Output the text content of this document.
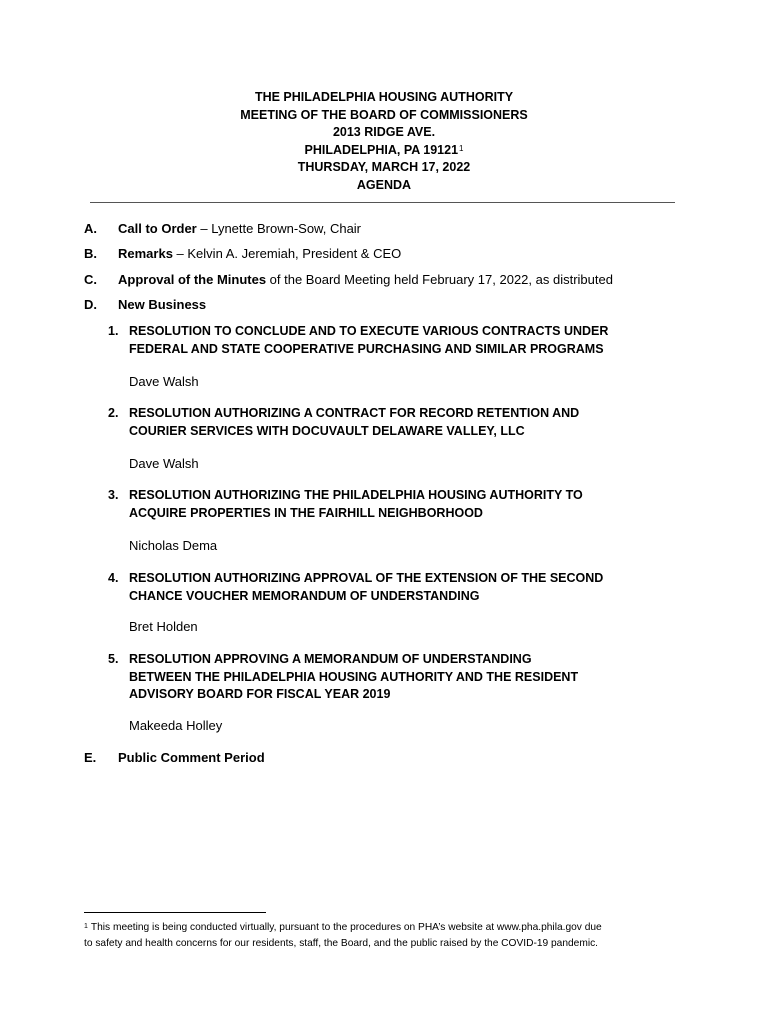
THE PHILADELPHIA HOUSING AUTHORITY
MEETING OF THE BOARD OF COMMISSIONERS
2013 RIDGE AVE.
PHILADELPHIA, PA 19121$^1$
THURSDAY, MARCH 17, 2022
AGENDA
A. Call to Order – Lynette Brown-Sow, Chair
B. Remarks – Kelvin A. Jeremiah, President & CEO
C. Approval of the Minutes of the Board Meeting held February 17, 2022, as distributed
D. New Business
1. RESOLUTION TO CONCLUDE AND TO EXECUTE VARIOUS CONTRACTS UNDER
FEDERAL AND STATE COOPERATIVE PURCHASING AND SIMILAR PROGRAMS
Dave Walsh
2. RESOLUTION AUTHORIZING A CONTRACT FOR RECORD RETENTION AND
COURIER SERVICES WITH DOCUVAULT DELAWARE VALLEY, LLC
Dave Walsh
3. RESOLUTION AUTHORIZING THE PHILADELPHIA HOUSING AUTHORITY TO
ACQUIRE PROPERTIES IN THE FAIRHILL NEIGHBORHOOD
Nicholas Dema
4. RESOLUTION AUTHORIZING APPROVAL OF THE EXTENSION OF THE SECOND
CHANCE VOUCHER MEMORANDUM OF UNDERSTANDING
Bret Holden
5. RESOLUTION APPROVING A MEMORANDUM OF UNDERSTANDING
BETWEEN THE PHILADELPHIA HOUSING AUTHORITY AND THE RESIDENT
ADVISORY BOARD FOR FISCAL YEAR 2019
Makeeda Holley
E. Public Comment Period
$^1$ This meeting is being conducted virtually, pursuant to the procedures on PHA’s website at www.pha.phila.gov due
to safety and health concerns for our residents, staff, the Board, and the public raised by the COVID-19 pandemic.
